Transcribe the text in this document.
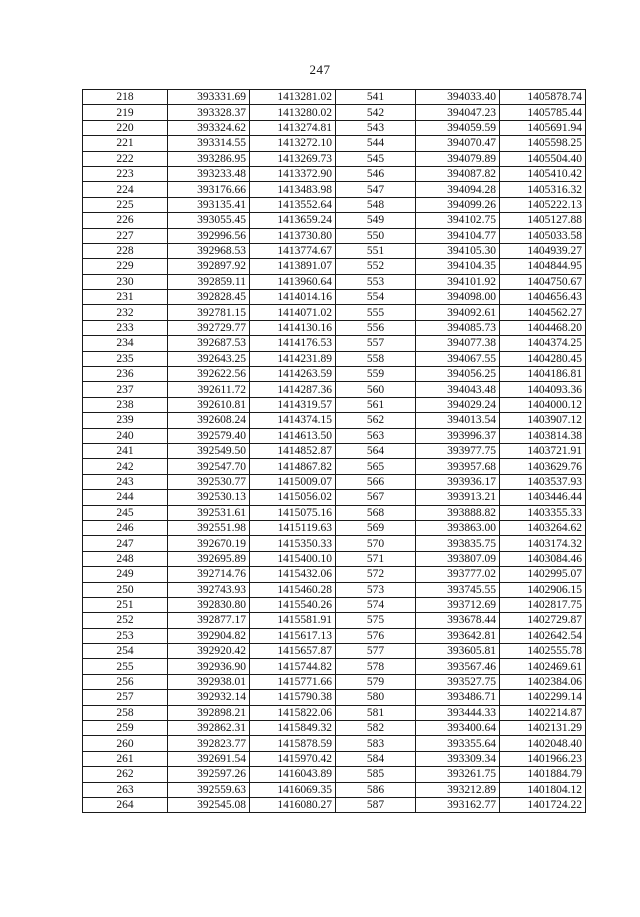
247
218	393331.69	1413281.02	541	394033.40	1405878.74
219	393328.37	1413280.02	542	394047.23	1405785.44
220	393324.62	1413274.81	543	394059.59	1405691.94
221	393314.55	1413272.10	544	394070.47	1405598.25
222	393286.95	1413269.73	545	394079.89	1405504.40
223	393233.48	1413372.90	546	394087.82	1405410.42
224	393176.66	1413483.98	547	394094.28	1405316.32
225	393135.41	1413552.64	548	394099.26	1405222.13
226	393055.45	1413659.24	549	394102.75	1405127.88
227	392996.56	1413730.80	550	394104.77	1405033.58
228	392968.53	1413774.67	551	394105.30	1404939.27
229	392897.92	1413891.07	552	394104.35	1404844.95
230	392859.11	1413960.64	553	394101.92	1404750.67
231	392828.45	1414014.16	554	394098.00	1404656.43
232	392781.15	1414071.02	555	394092.61	1404562.27
233	392729.77	1414130.16	556	394085.73	1404468.20
234	392687.53	1414176.53	557	394077.38	1404374.25
235	392643.25	1414231.89	558	394067.55	1404280.45
236	392622.56	1414263.59	559	394056.25	1404186.81
237	392611.72	1414287.36	560	394043.48	1404093.36
238	392610.81	1414319.57	561	394029.24	1404000.12
239	392608.24	1414374.15	562	394013.54	1403907.12
240	392579.40	1414613.50	563	393996.37	1403814.38
241	392549.50	1414852.87	564	393977.75	1403721.91
242	392547.70	1414867.82	565	393957.68	1403629.76
243	392530.77	1415009.07	566	393936.17	1403537.93
244	392530.13	1415056.02	567	393913.21	1403446.44
245	392531.61	1415075.16	568	393888.82	1403355.33
246	392551.98	1415119.63	569	393863.00	1403264.62
247	392670.19	1415350.33	570	393835.75	1403174.32
248	392695.89	1415400.10	571	393807.09	1403084.46
249	392714.76	1415432.06	572	393777.02	1402995.07
250	392743.93	1415460.28	573	393745.55	1402906.15
251	392830.80	1415540.26	574	393712.69	1402817.75
252	392877.17	1415581.91	575	393678.44	1402729.87
253	392904.82	1415617.13	576	393642.81	1402642.54
254	392920.42	1415657.87	577	393605.81	1402555.78
255	392936.90	1415744.82	578	393567.46	1402469.61
256	392938.01	1415771.66	579	393527.75	1402384.06
257	392932.14	1415790.38	580	393486.71	1402299.14
258	392898.21	1415822.06	581	393444.33	1402214.87
259	392862.31	1415849.32	582	393400.64	1402131.29
260	392823.77	1415878.59	583	393355.64	1402048.40
261	392691.54	1415970.42	584	393309.34	1401966.23
262	392597.26	1416043.89	585	393261.75	1401884.79
263	392559.63	1416069.35	586	393212.89	1401804.12
264	392545.08	1416080.27	587	393162.77	1401724.22
